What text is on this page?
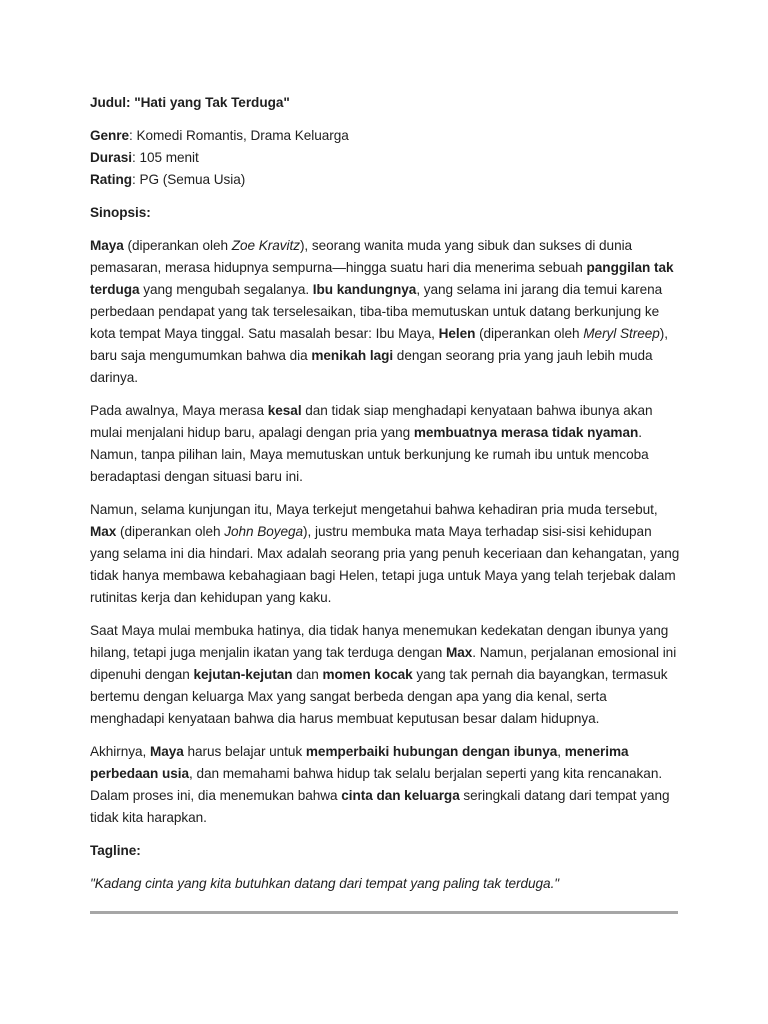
Judul: "Hati yang Tak Terduga"

Genre: Komedi Romantis, Drama Keluarga

Durasi: 105 menit

Rating: PG (Semua Usia)

Sinopsis:

Maya (diperankan oleh Zoe Kravitz), seorang wanita muda yang sibuk dan sukses di dunia pemasaran, merasa hidupnya sempurna—hingga suatu hari dia menerima sebuah panggilan tak terduga yang mengubah segalanya. Ibu kandungnya, yang selama ini jarang dia temui karena perbedaan pendapat yang tak terselesaikan, tiba-tiba memutuskan untuk datang berkunjung ke kota tempat Maya tinggal. Satu masalah besar: Ibu Maya, Helen (diperankan oleh Meryl Streep), baru saja mengumumkan bahwa dia menikah lagi dengan seorang pria yang jauh lebih muda darinya.

Pada awalnya, Maya merasa kesal dan tidak siap menghadapi kenyataan bahwa ibunya akan mulai menjalani hidup baru, apalagi dengan pria yang membuatnya merasa tidak nyaman. Namun, tanpa pilihan lain, Maya memutuskan untuk berkunjung ke rumah ibu untuk mencoba beradaptasi dengan situasi baru ini.

Namun, selama kunjungan itu, Maya terkejut mengetahui bahwa kehadiran pria muda tersebut, Max (diperankan oleh John Boyega), justru membuka mata Maya terhadap sisi-sisi kehidupan yang selama ini dia hindari. Max adalah seorang pria yang penuh keceriaan dan kehangatan, yang tidak hanya membawa kebahagiaan bagi Helen, tetapi juga untuk Maya yang telah terjebak dalam rutinitas kerja dan kehidupan yang kaku.

Saat Maya mulai membuka hatinya, dia tidak hanya menemukan kedekatan dengan ibunya yang hilang, tetapi juga menjalin ikatan yang tak terduga dengan Max. Namun, perjalanan emosional ini dipenuhi dengan kejutan-kejutan dan momen kocak yang tak pernah dia bayangkan, termasuk bertemu dengan keluarga Max yang sangat berbeda dengan apa yang dia kenal, serta menghadapi kenyataan bahwa dia harus membuat keputusan besar dalam hidupnya.

Akhirnya, Maya harus belajar untuk memperbaiki hubungan dengan ibunya, menerima perbedaan usia, dan memahami bahwa hidup tak selalu berjalan seperti yang kita rencanakan. Dalam proses ini, dia menemukan bahwa cinta dan keluarga seringkali datang dari tempat yang tidak kita harapkan.

Tagline:

"Kadang cinta yang kita butuhkan datang dari tempat yang paling tak terduga."
